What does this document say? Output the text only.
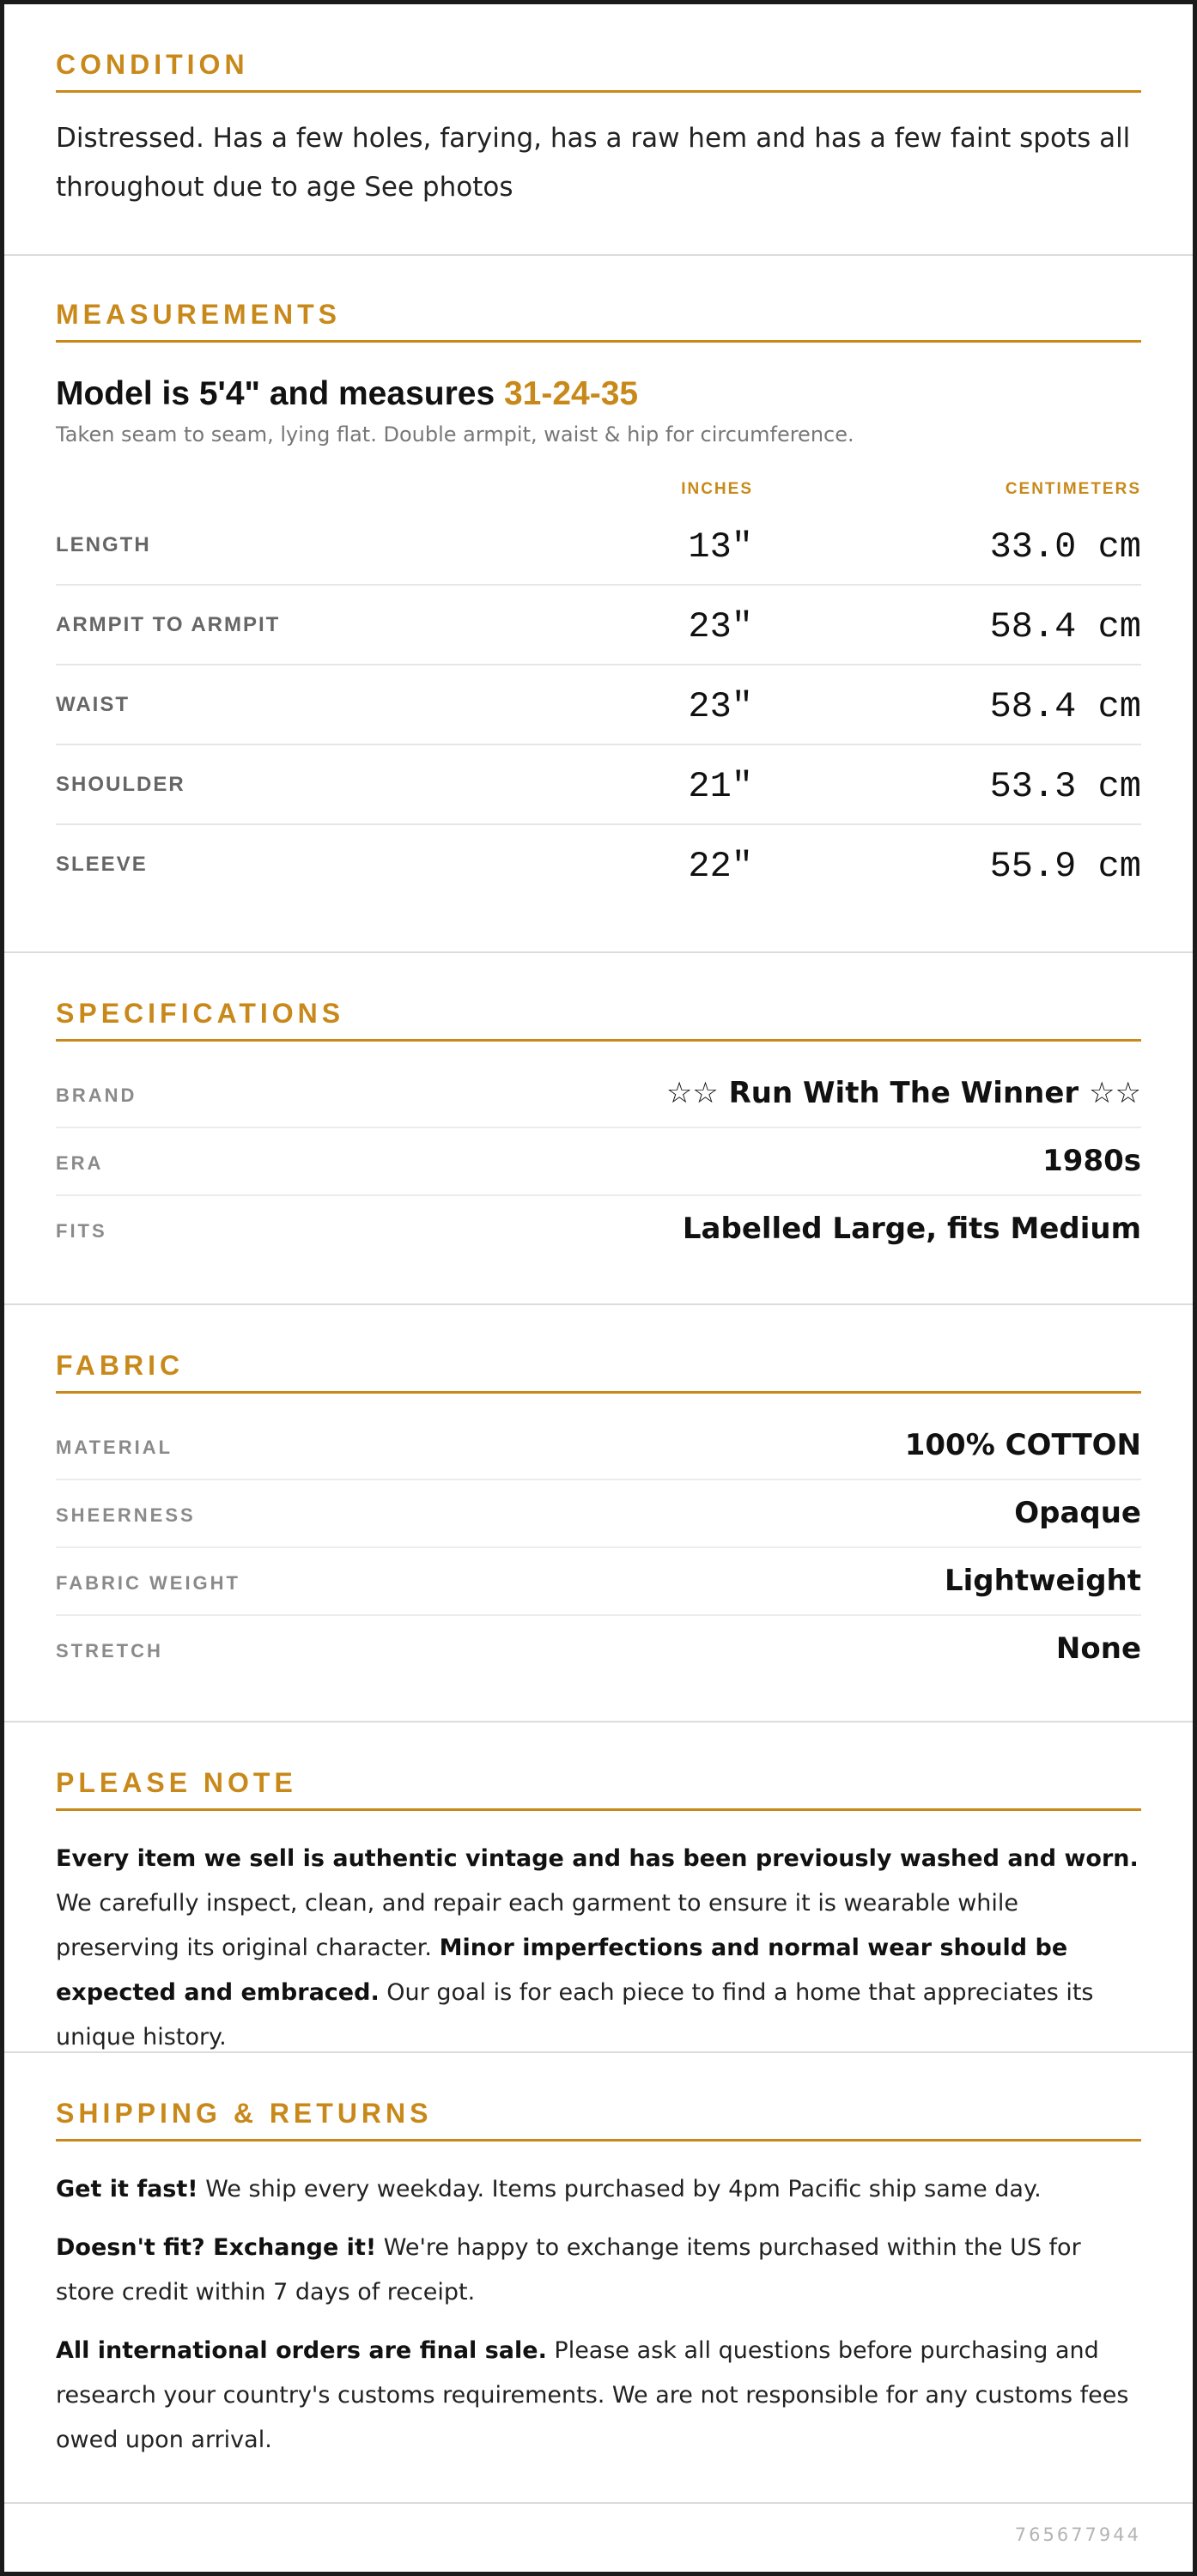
CONDITION
Distressed. Has a few holes, farying, has a raw hem and has a few faint spots all throughout due to age See photos
MEASUREMENTS
Model is 5'4" and measures 31-24-35
Taken seam to seam, lying flat. Double armpit, waist & hip for circumference.
INCHES	CENTIMETERS
LENGTH	13"	33.0 cm
ARMPIT TO ARMPIT	23"	58.4 cm
WAIST	23"	58.4 cm
SHOULDER	21"	53.3 cm
SLEEVE	22"	55.9 cm
SPECIFICATIONS
BRAND	☆☆ Run With The Winner ☆☆
ERA	1980s
FITS	Labelled Large, fits Medium
FABRIC
MATERIAL	100% COTTON
SHEERNESS	Opaque
FABRIC WEIGHT	Lightweight
STRETCH	None
PLEASE NOTE
Every item we sell is authentic vintage and has been previously washed and worn. We carefully inspect, clean, and repair each garment to ensure it is wearable while preserving its original character. Minor imperfections and normal wear should be expected and embraced. Our goal is for each piece to find a home that appreciates its unique history.
SHIPPING & RETURNS
Get it fast! We ship every weekday. Items purchased by 4pm Pacific ship same day.
Doesn't fit? Exchange it! We're happy to exchange items purchased within the US for store credit within 7 days of receipt.
All international orders are final sale. Please ask all questions before purchasing and research your country's customs requirements. We are not responsible for any customs fees owed upon arrival.
765677944
